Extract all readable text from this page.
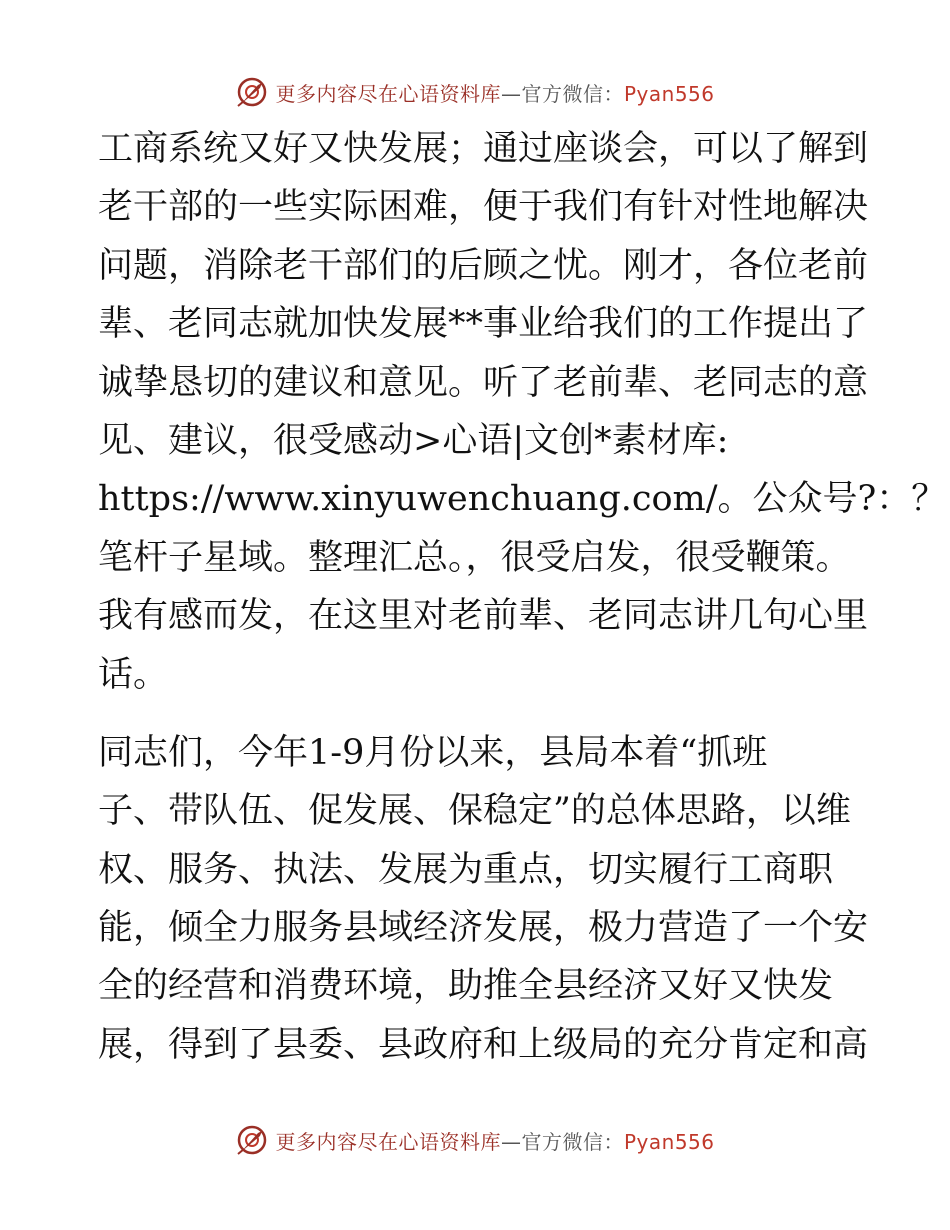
更多内容尽在心语资料库—官方微信：Pyan556

工商系统又好又快发展；通过座谈会，可以了解到
老干部的一些实际困难，便于我们有针对性地解决
问题，消除老干部们的后顾之忧。刚才，各位老前
辈、老同志就加快发展**事业给我们的工作提出了
诚挚恳切的建议和意见。听了老前辈、老同志的意
见、建议，很受感动>心语|文创*素材库:
https://www.xinyuwenchuang.com/。公众号?：？
笔杆子星域。整理汇总。，很受启发，很受鞭策。
我有感而发，在这里对老前辈、老同志讲几句心里
话。

同志们，今年1-9月份以来，县局本着“抓班
子、带队伍、促发展、保稳定”的总体思路，以维
权、服务、执法、发展为重点，切实履行工商职
能，倾全力服务县域经济发展，极力营造了一个安
全的经营和消费环境，助推全县经济又好又快发
展，得到了县委、县政府和上级局的充分肯定和高

更多内容尽在心语资料库—官方微信：Pyan556
